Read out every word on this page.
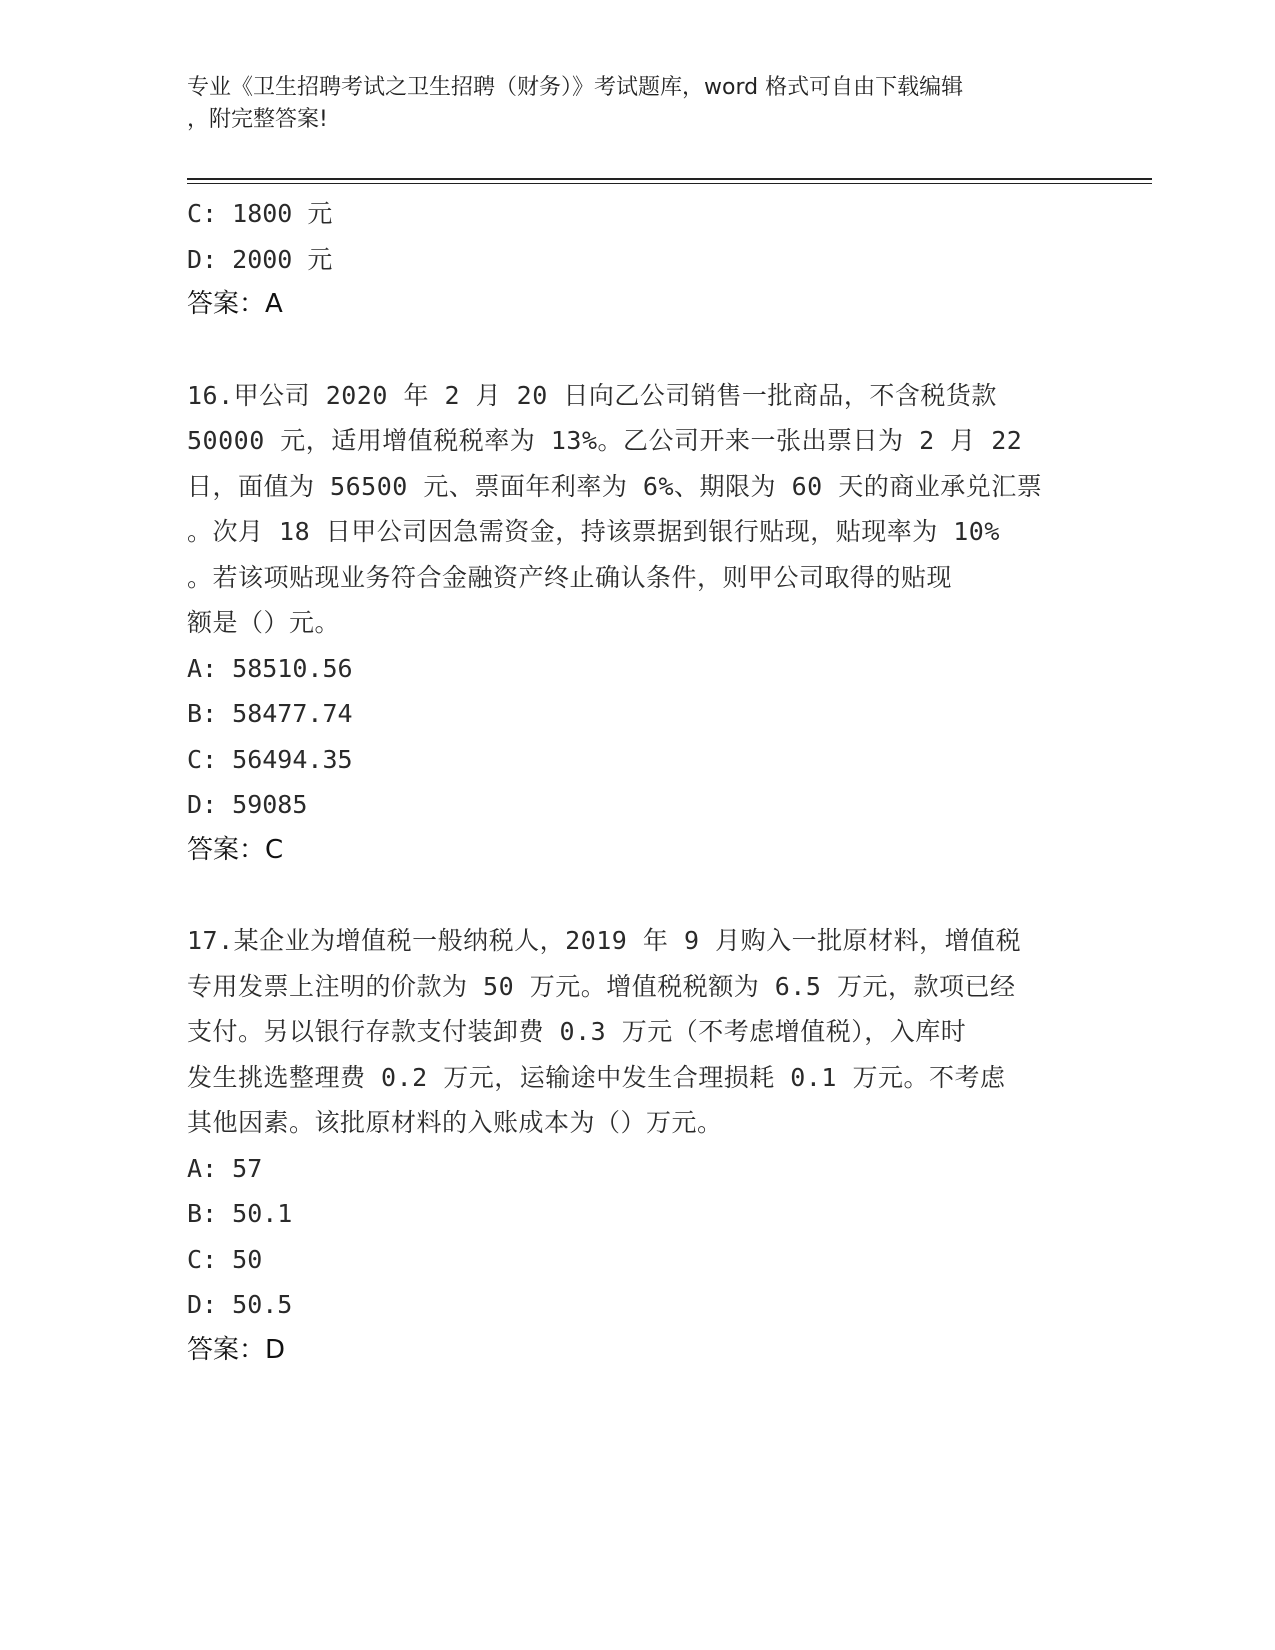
专业《卫生招聘考试之卫生招聘（财务）》考试题库，word 格式可自由下载编辑
，附完整答案!

C: 1800 元

D: 2000 元

答案：A

16.甲公司 2020 年 2 月 20 日向乙公司销售一批商品，不含税货款

50000 元，适用增值税税率为 13%。乙公司开来一张出票日为 2 月 22

日，面值为 56500 元、票面年利率为 6%、期限为 60 天的商业承兑汇票

。次月 18 日甲公司因急需资金，持该票据到银行贴现，贴现率为 10%

。若该项贴现业务符合金融资产终止确认条件，则甲公司取得的贴现

额是（）元。

A: 58510.56

B: 58477.74

C: 56494.35

D: 59085

答案：C

17.某企业为增值税一般纳税人，2019 年 9 月购入一批原材料，增值税

专用发票上注明的价款为 50 万元。增值税税额为 6.5 万元，款项已经

支付。另以银行存款支付装卸费 0.3 万元（不考虑增值税），入库时

发生挑选整理费 0.2 万元，运输途中发生合理损耗 0.1 万元。不考虑

其他因素。该批原材料的入账成本为（）万元。

A: 57

B: 50.1

C: 50

D: 50.5

答案：D
